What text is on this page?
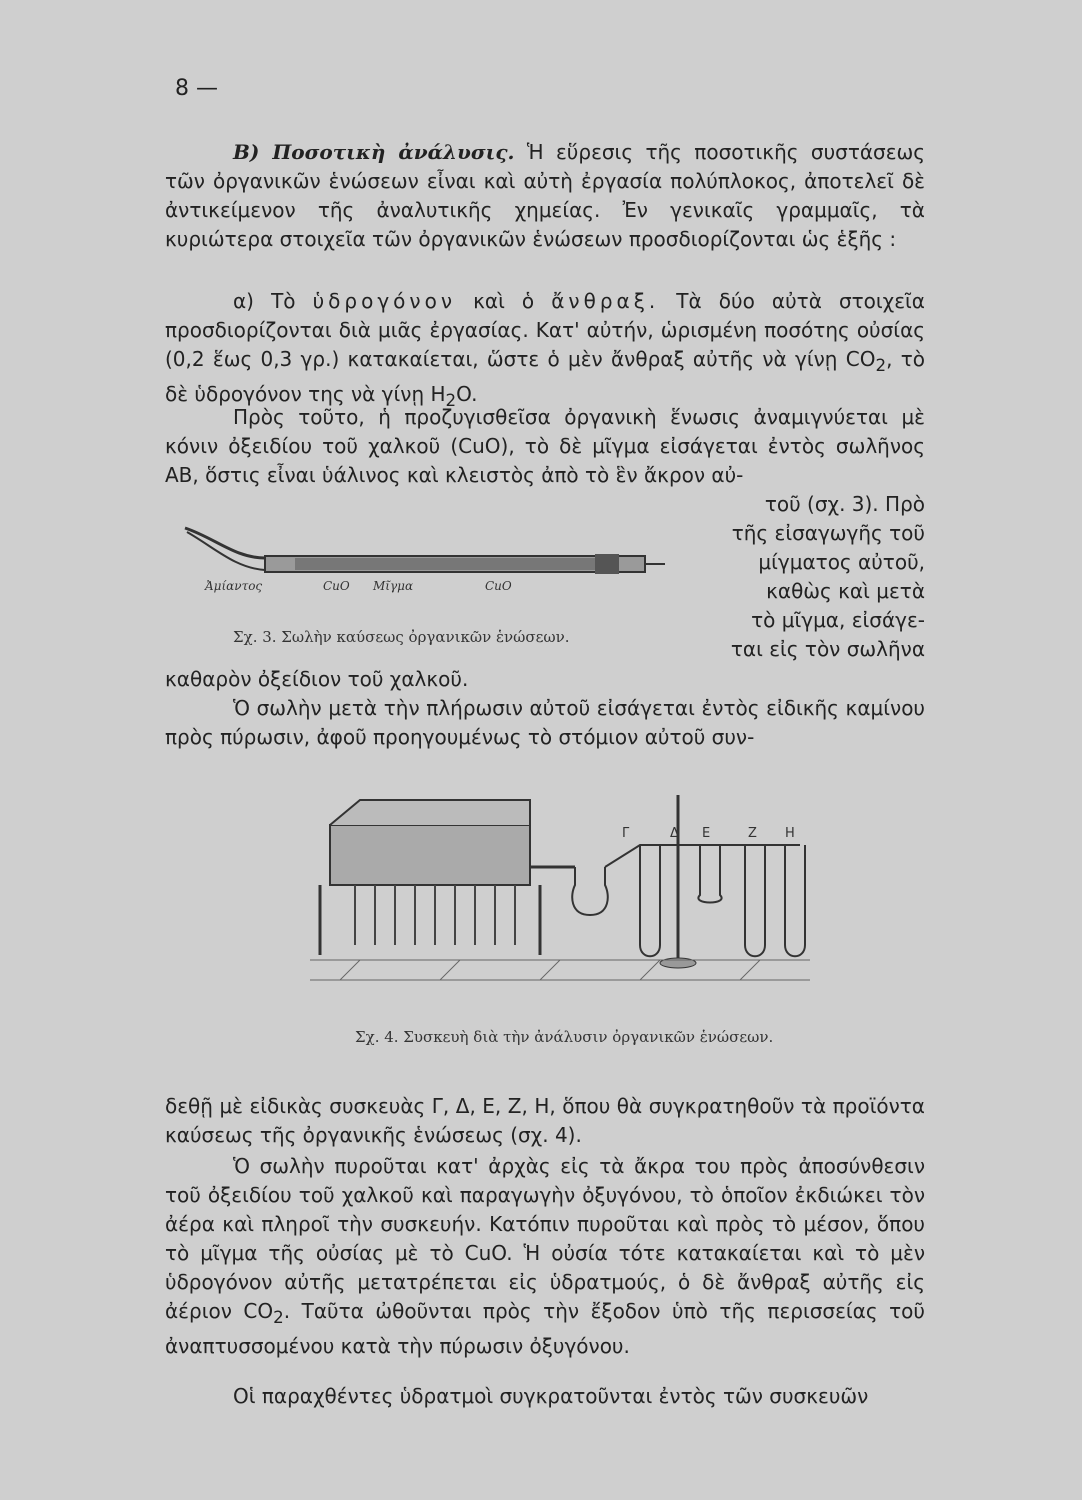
8 —
Β) Ποσοτικὴ ἀνάλυσις. Ἡ εὕρεσις τῆς ποσοτικῆς συστάσεως τῶν ὀργανικῶν ἑνώσεων εἶναι καὶ αὐτὴ ἐργασία πολύπλοκος, ἀποτελεῖ δὲ ἀντικείμενον τῆς ἀναλυτικῆς χημείας. Ἐν γενικαῖς γραμμαῖς, τὰ κυριώτερα στοιχεῖα τῶν ὀργανικῶν ἑνώσεων προσδιορίζονται ὡς ἑξῆς :
α) Τὸ ὑδρογόνον καὶ ὁ ἄνθραξ. Τὰ δύο αὐτὰ στοιχεῖα προσδιορίζονται διὰ μιᾶς ἐργασίας. Κατ' αὐτήν, ὡρισμένη ποσότης οὐσίας (0,2 ἕως 0,3 γρ.) κατακαίεται, ὥστε ὁ μὲν ἄνθραξ αὐτῆς νὰ γίνῃ $CO_2$, τὸ δὲ ὑδρογόνον της νὰ γίνῃ $H_2O$.
Πρὸς τοῦτο, ἡ προζυγισθεῖσα ὀργανικὴ ἕνωσις ἀναμιγνύεται μὲ κόνιν ὀξειδίου τοῦ χαλκοῦ (CuO), τὸ δὲ μῖγμα εἰσάγεται ἐντὸς σωλῆνος ΑΒ, ὅστις εἶναι ὑάλινος καὶ κλειστὸς ἀπὸ τὸ ἓν ἄκρον αὐ-
τοῦ (σχ. 3). Πρὸ
τῆς εἰσαγωγῆς τοῦ
μίγματος αὐτοῦ,
καθὼς καὶ μετὰ
τὸ μῖγμα, εἰσάγε-
ται εἰς τὸν σωλῆνα
Ἀμίαντος	CuO Μῖγμα	CuO
Σχ. 3. Σωλὴν καύσεως ὀργανικῶν ἑνώσεων.
καθαρὸν ὀξείδιον τοῦ χαλκοῦ.
Ὁ σωλὴν μετὰ τὴν πλήρωσιν αὐτοῦ εἰσάγεται ἐντὸς εἰδικῆς καμίνου πρὸς πύρωσιν, ἀφοῦ προηγουμένως τὸ στόμιον αὐτοῦ συν-
Γ	Δ Ε	Ζ Η
Σχ. 4. Συσκευὴ διὰ τὴν ἀνάλυσιν ὀργανικῶν ἑνώσεων.
δεθῇ μὲ εἰδικὰς συσκευὰς Γ, Δ, Ε, Ζ, Η, ὅπου θὰ συγκρατηθοῦν τὰ προϊόντα καύσεως τῆς ὀργανικῆς ἑνώσεως (σχ. 4).
Ὁ σωλὴν πυροῦται κατ' ἀρχὰς εἰς τὰ ἄκρα του πρὸς ἀποσύνθεσιν τοῦ ὀξειδίου τοῦ χαλκοῦ καὶ παραγωγὴν ὀξυγόνου, τὸ ὁποῖον ἐκδιώκει τὸν ἀέρα καὶ πληροῖ τὴν συσκευήν. Κατόπιν πυροῦται καὶ πρὸς τὸ μέσον, ὅπου τὸ μῖγμα τῆς οὐσίας μὲ τὸ CuO. Ἡ οὐσία τότε κατακαίεται καὶ τὸ μὲν ὑδρογόνον αὐτῆς μετατρέπεται εἰς ὑδρατμούς, ὁ δὲ ἄνθραξ αὐτῆς εἰς ἀέριον $CO_2$. Ταῦτα ὠθοῦνται πρὸς τὴν ἔξοδον ὑπὸ τῆς περισσείας τοῦ ἀναπτυσσομένου κατὰ τὴν πύρωσιν ὀξυγόνου.
Οἱ παραχθέντες ὑδρατμοὶ συγκρατοῦνται ἐντὸς τῶν συσκευῶν
